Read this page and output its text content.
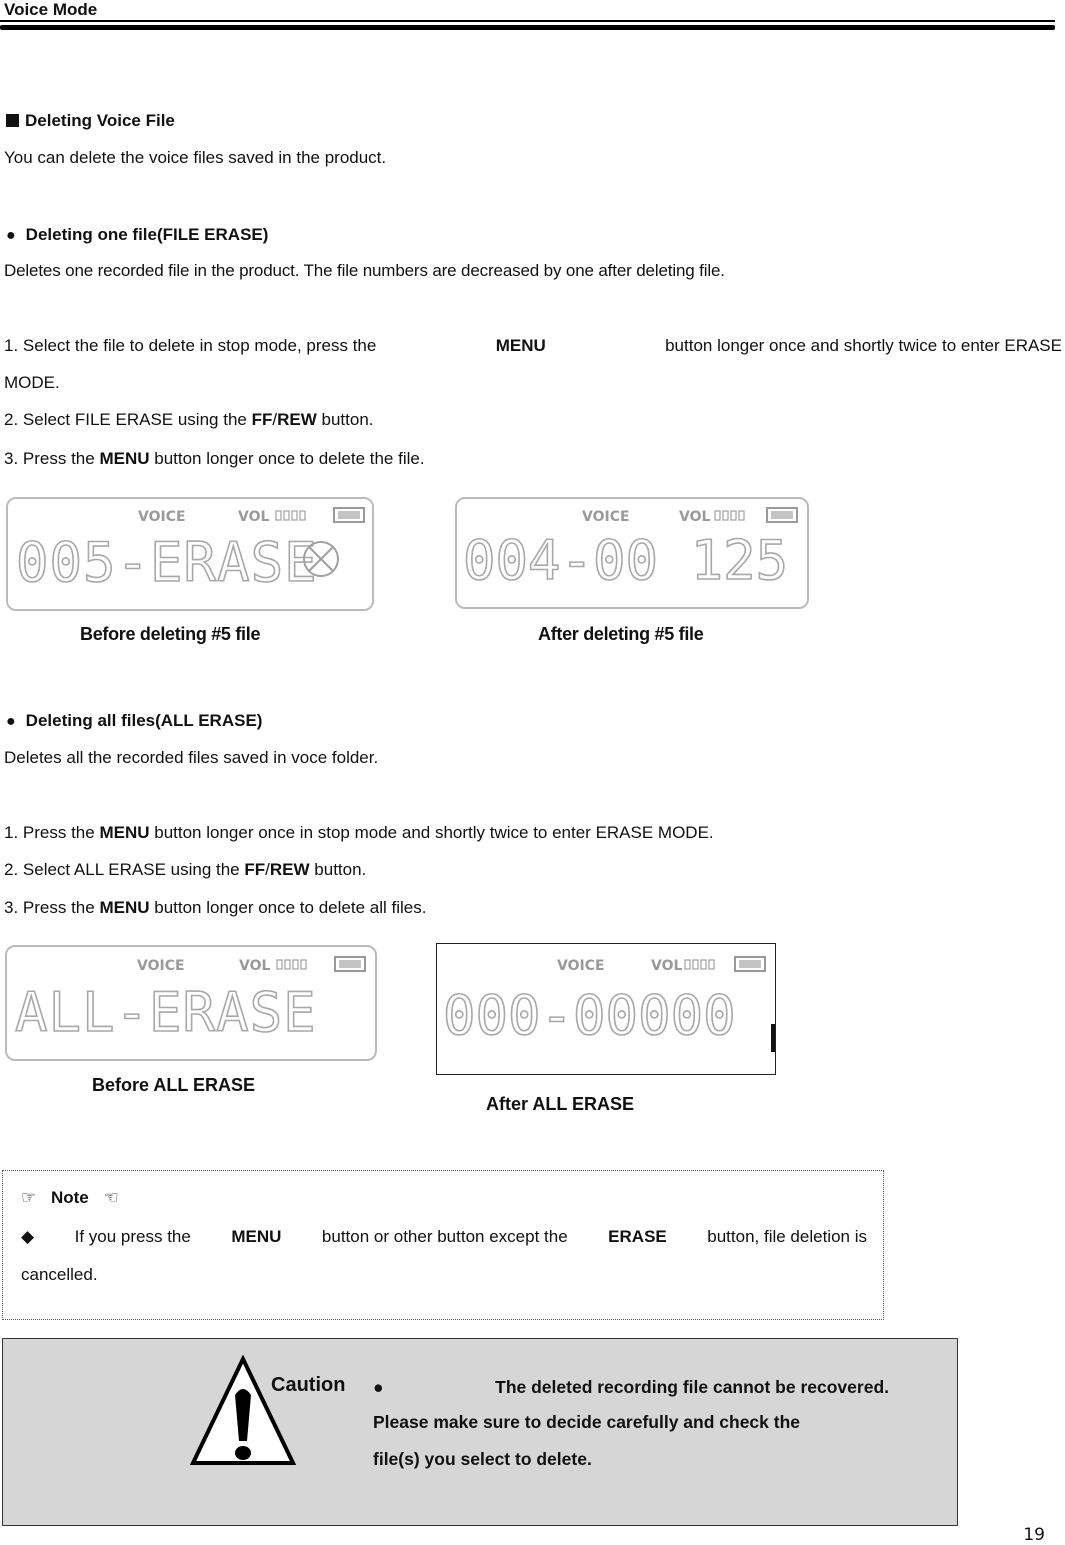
Voice Mode
Deleting Voice File
You can delete the voice files saved in the product.
● Deleting one file(FILE ERASE)
Deletes one recorded file in the product. The file numbers are decreased by one after deleting file.
1. Select the file to delete in stop mode, press the	MENU	button longer once and shortly twice to enter ERASE
MODE.
2. Select FILE ERASE using the FF/REW button.
3. Press the MENU button longer once to delete the file.
VOICE	VOL
005-ERASE
Before deleting #5 file
VOICE	VOL
004-00 125
After deleting #5 file
● Deleting all files(ALL ERASE)
Deletes all the recorded files saved in voce folder.
1. Press the MENU button longer once in stop mode and shortly twice to enter ERASE MODE.
2. Select ALL ERASE using the FF/REW button.
3. Press the MENU button longer once to delete all files.
VOICE	VOL
ALL-ERASE
Before ALL ERASE
VOICE	VOL
000-00000
After ALL ERASE
☞ Note ☜
◆ If you press the MENU button or other button except the ERASE button, file deletion is
cancelled.
Caution ●	The deleted recording file cannot be recovered.
Please make sure to decide carefully and check the
file(s) you select to delete.
19
